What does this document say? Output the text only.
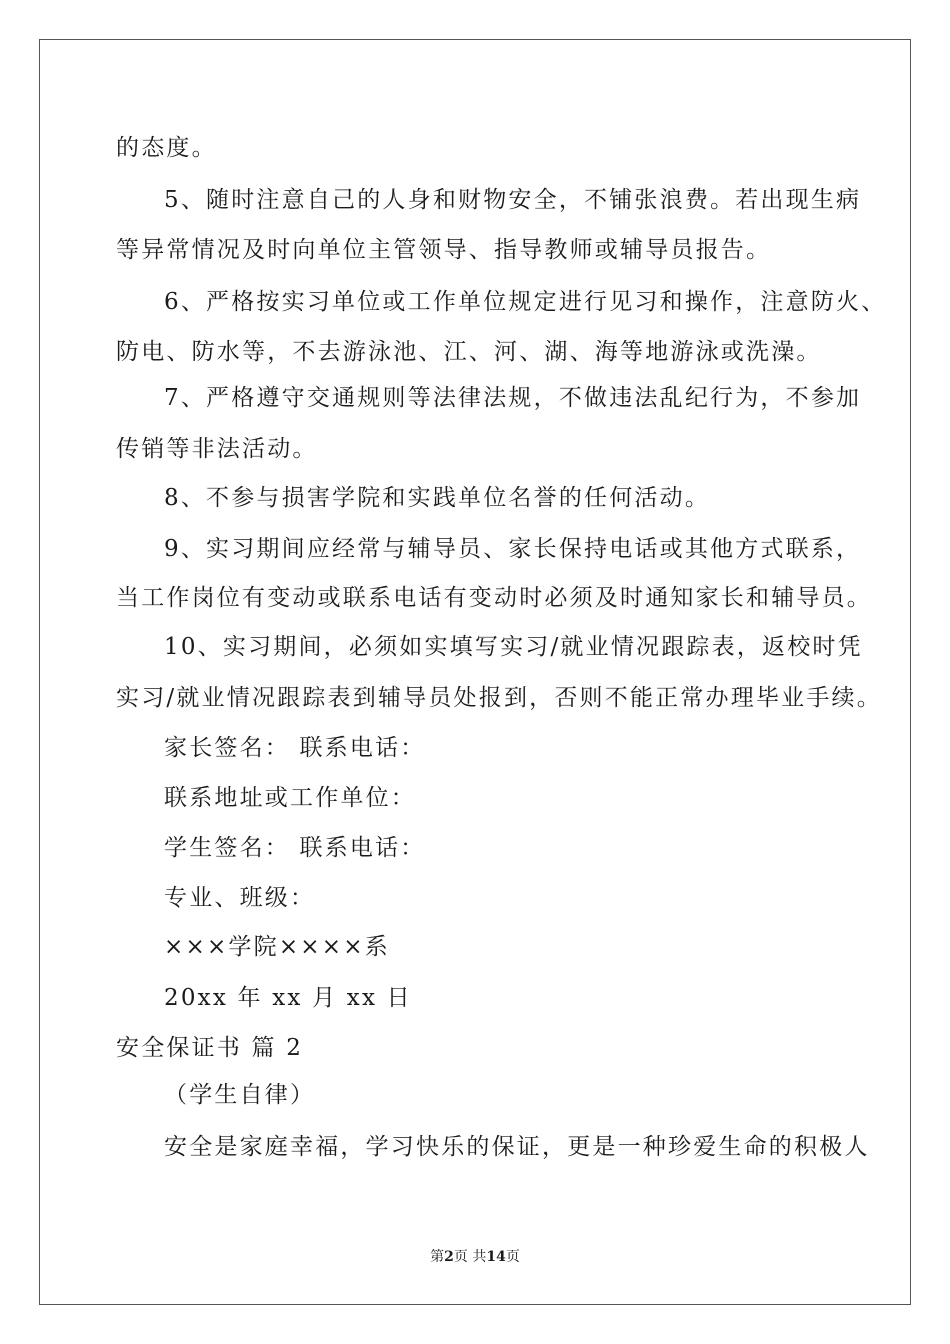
的态度。
5、随时注意自己的人身和财物安全，不铺张浪费。若出现生病
等异常情况及时向单位主管领导、指导教师或辅导员报告。
6、严格按实习单位或工作单位规定进行见习和操作，注意防火、
防电、防水等，不去游泳池、江、河、湖、海等地游泳或洗澡。
7、严格遵守交通规则等法律法规，不做违法乱纪行为，不参加
传销等非法活动。
8、不参与损害学院和实践单位名誉的任何活动。
9、实习期间应经常与辅导员、家长保持电话或其他方式联系，
当工作岗位有变动或联系电话有变动时必须及时通知家长和辅导员。
10、实习期间，必须如实填写实习/就业情况跟踪表，返校时凭
实习/就业情况跟踪表到辅导员处报到，否则不能正常办理毕业手续。
家长签名： 联系电话：
联系地址或工作单位：
学生签名： 联系电话：
专业、班级：
×××学院××××系
20xx 年 xx 月 xx 日
安全保证书 篇 2
（学生自律）
安全是家庭幸福，学习快乐的保证，更是一种珍爱生命的积极人
第2页 共14页
